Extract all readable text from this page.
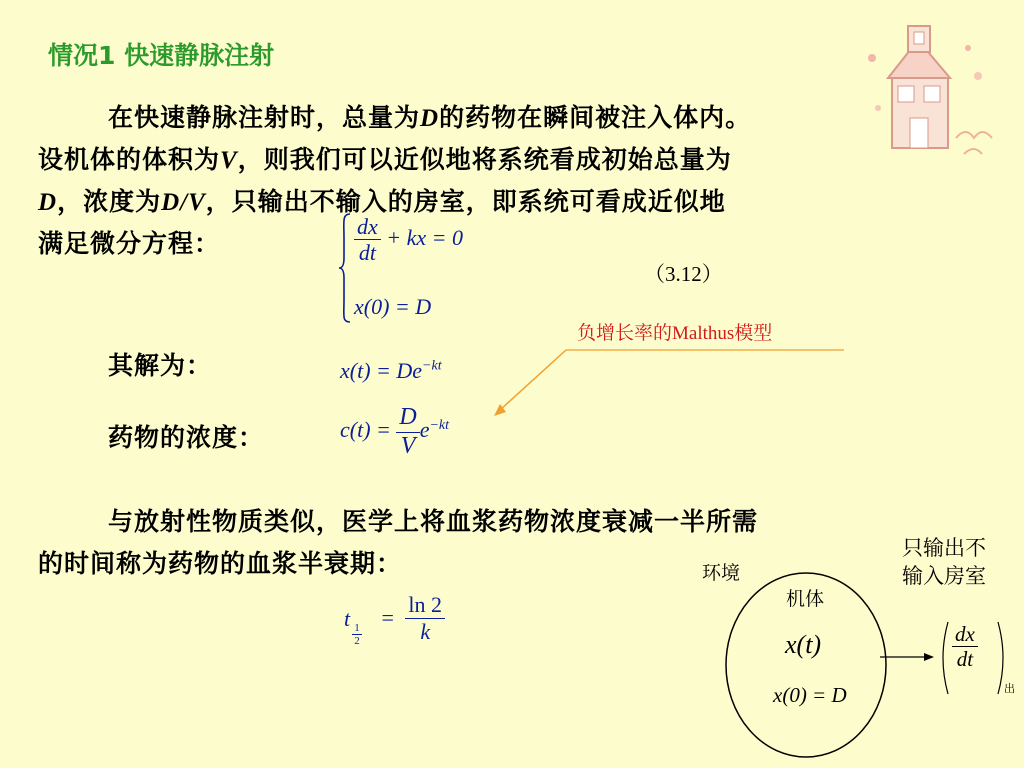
情况1 快速静脉注射
在快速静脉注射时，总量为D的药物在瞬间被注入体内。
设机体的体积为V，则我们可以近似地将系统看成初始总量为
D，浓度为D/V，只输出不输入的房室，即系统可看成近似地
满足微分方程：	$\frac{dx}{dt}$ + kx = 0
x(0) = D
（3.12）
负增长率的Malthus模型
其解为：	$x(t) = De^{-kt}$
药物的浓度：	$c(t) = \frac{D}{V} e^{-kt}$
与放射性物质类似，医学上将血浆药物浓度衰减一半所需
的时间称为药物的血浆半衰期：
t
$\frac{1}{2}$
= $\frac{\ln 2}{k}$
环境
只输出不
输入房室
机体
x(t)
x(0) = D
$\frac{dx}{dt}$
出
